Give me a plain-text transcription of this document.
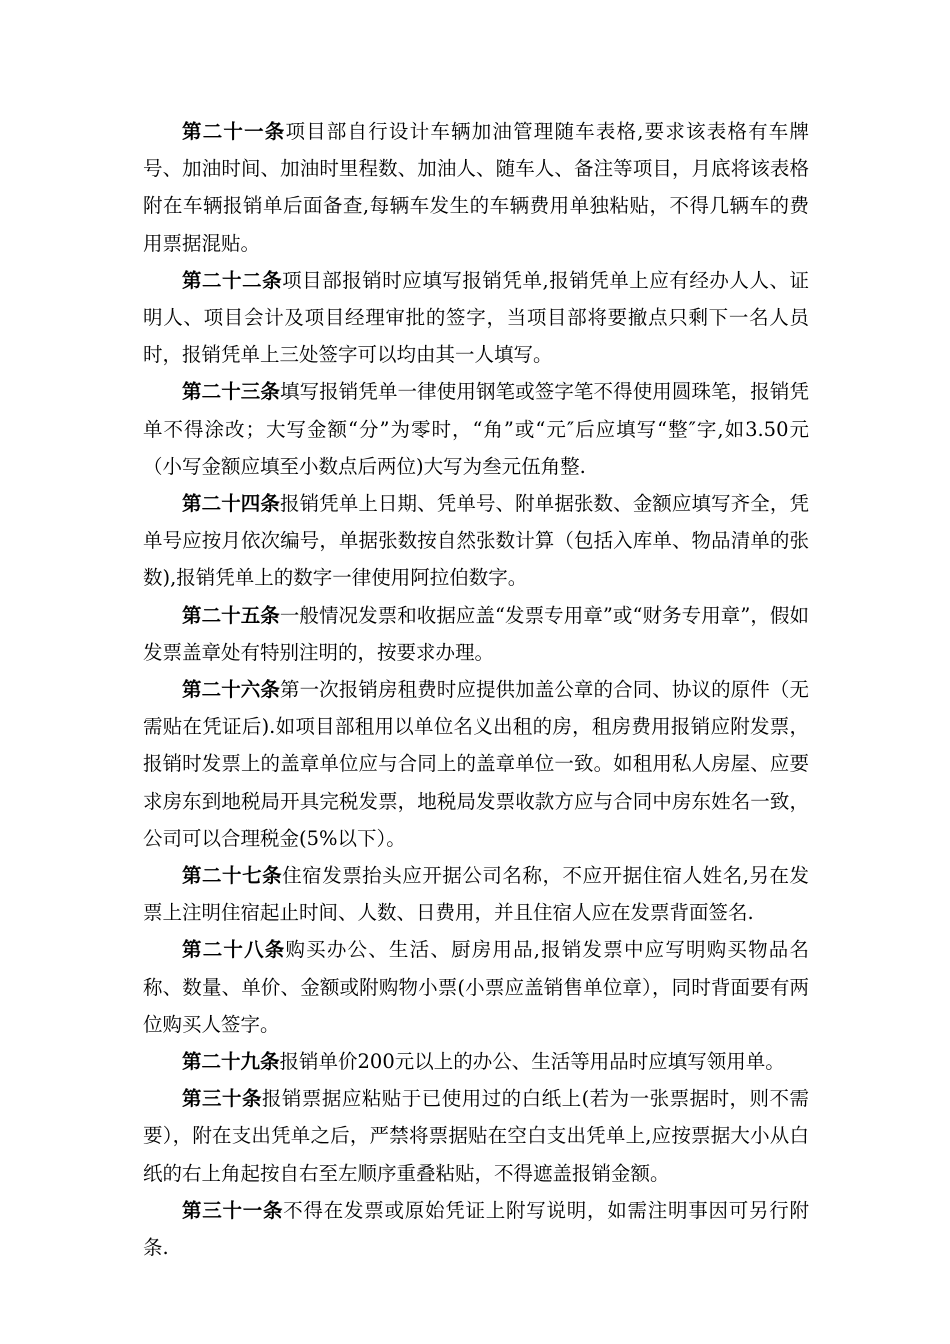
第二十一条项目部自行设计车辆加油管理随车表格,要求该表格有车牌号、加油时间、加油时里程数、加油人、随车人、备注等项目，月底将该表格附在车辆报销单后面备查,每辆车发生的车辆费用单独粘贴，不得几辆车的费用票据混贴。

第二十二条项目部报销时应填写报销凭单,报销凭单上应有经办人人、证明人、项目会计及项目经理审批的签字，当项目部将要撤点只剩下一名人员时，报销凭单上三处签字可以均由其一人填写。

第二十三条填写报销凭单一律使用钢笔或签字笔不得使用圆珠笔，报销凭单不得涂改；大写金额“分”为零时，“角”或“元″后应填写“整″字,如3.50元（小写金额应填至小数点后两位)大写为叁元伍角整.

第二十四条报销凭单上日期、凭单号、附单据张数、金额应填写齐全，凭单号应按月依次编号，单据张数按自然张数计算（包括入库单、物品清单的张数),报销凭单上的数字一律使用阿拉伯数字。

第二十五条一般情况发票和收据应盖“发票专用章”或“财务专用章”，假如发票盖章处有特别注明的，按要求办理。

第二十六条第一次报销房租费时应提供加盖公章的合同、协议的原件（无需贴在凭证后).如项目部租用以单位名义出租的房，租房费用报销应附发票，报销时发票上的盖章单位应与合同上的盖章单位一致。如租用私人房屋、应要求房东到地税局开具完税发票，地税局发票收款方应与合同中房东姓名一致，公司可以合理税金(5%以下）。

第二十七条住宿发票抬头应开据公司名称，不应开据住宿人姓名,另在发票上注明住宿起止时间、人数、日费用，并且住宿人应在发票背面签名.

第二十八条购买办公、生活、厨房用品,报销发票中应写明购买物品名称、数量、单价、金额或附购物小票(小票应盖销售单位章），同时背面要有两位购买人签字。

第二十九条报销单价200元以上的办公、生活等用品时应填写领用单。

第三十条报销票据应粘贴于已使用过的白纸上(若为一张票据时，则不需要），附在支出凭单之后，严禁将票据贴在空白支出凭单上,应按票据大小从白纸的右上角起按自右至左顺序重叠粘贴，不得遮盖报销金额。

第三十一条不得在发票或原始凭证上附写说明，如需注明事因可另行附条.
